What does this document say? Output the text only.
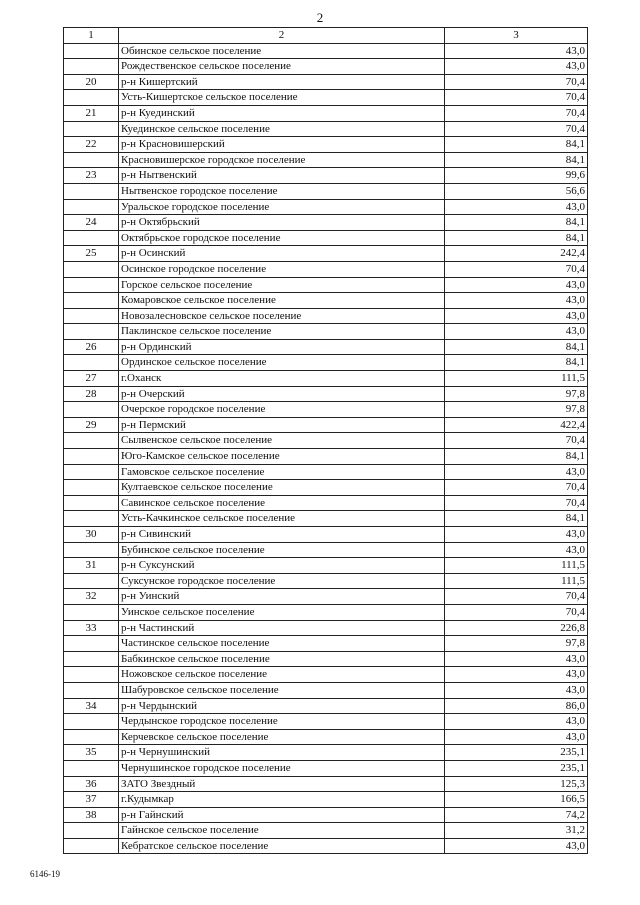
2
1	2	3
	Обинское сельское поселение	43,0
	Рождественское сельское поселение	43,0
20	р-н Кишертский	70,4
	Усть-Кишертское сельское поселение	70,4
21	р-н Куединский	70,4
	Куединское сельское поселение	70,4
22	р-н Красновишерский	84,1
	Красновишерское городское поселение	84,1
23	р-н Нытвенский	99,6
	Нытвенское городское поселение	56,6
	Уральское городское поселение	43,0
24	р-н Октябрьский	84,1
	Октябрьское городское поселение	84,1
25	р-н Осинский	242,4
	Осинское городское поселение	70,4
	Горское сельское поселение	43,0
	Комаровское сельское поселение	43,0
	Новозалесновское сельское поселение	43,0
	Паклинское сельское поселение	43,0
26	р-н Ординский	84,1
	Ординское сельское поселение	84,1
27	г.Оханск	111,5
28	р-н Очерский	97,8
	Очерское городское поселение	97,8
29	р-н Пермский	422,4
	Сылвенское сельское поселение	70,4
	Юго-Камское сельское поселение	84,1
	Гамовское сельское поселение	43,0
	Култаевское сельское поселение	70,4
	Савинское сельское поселение	70,4
	Усть-Качкинское сельское поселение	84,1
30	р-н Сивинский	43,0
	Бубинское сельское поселение	43,0
31	р-н Суксунский	111,5
	Суксунское городское поселение	111,5
32	р-н Уинский	70,4
	Уинское сельское поселение	70,4
33	р-н Частинский	226,8
	Частинское сельское поселение	97,8
	Бабкинское сельское поселение	43,0
	Ножовское сельское поселение	43,0
	Шабуровское сельское поселение	43,0
34	р-н Чердынский	86,0
	Чердынское городское поселение	43,0
	Керчевское сельское поселение	43,0
35	р-н Чернушинский	235,1
	Чернушинское городское поселение	235,1
36	ЗАТО Звездный	125,3
37	г.Кудымкар	166,5
38	р-н Гайнский	74,2
	Гайнское сельское поселение	31,2
	Кебратское сельское поселение	43,0
6146-19
